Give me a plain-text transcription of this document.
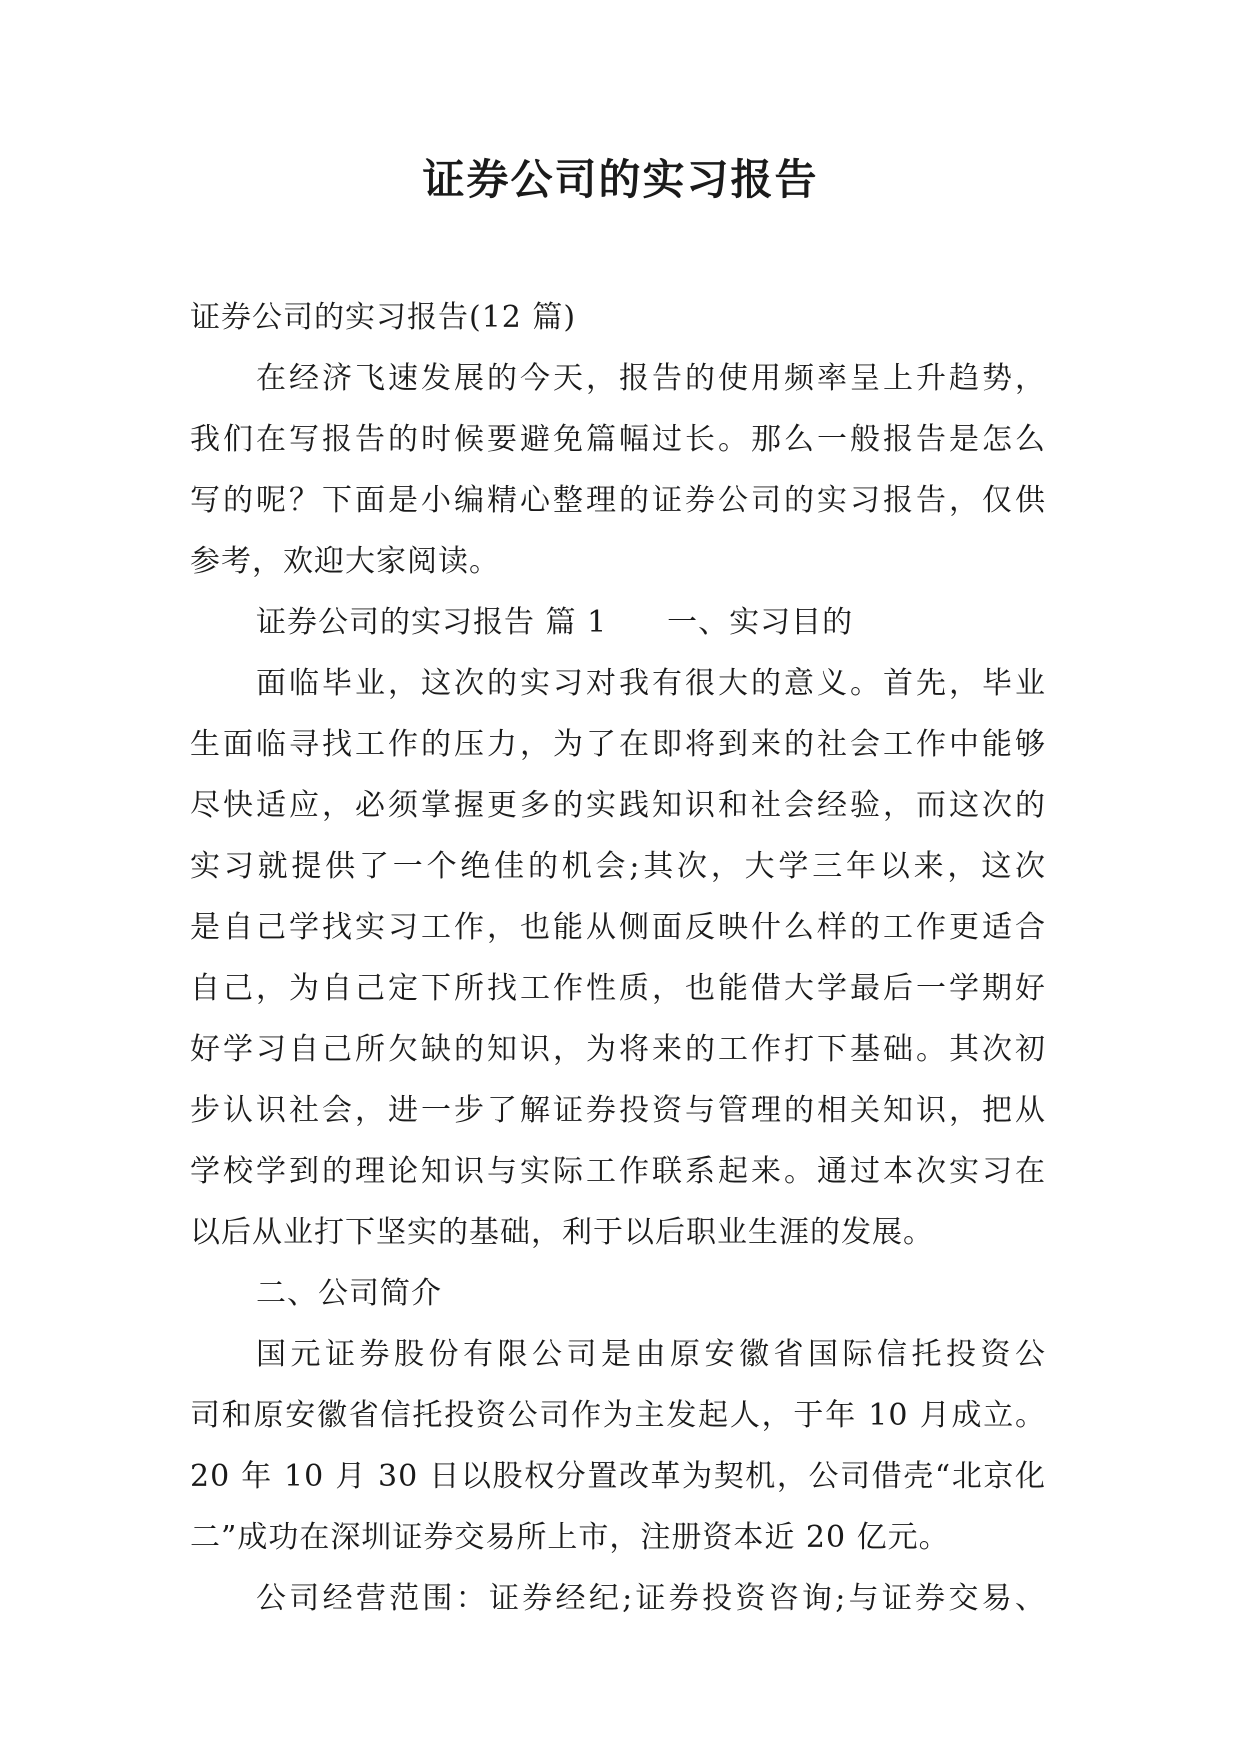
证券公司的实习报告

证券公司的实习报告(12 篇)

在经济飞速发展的今天，报告的使用频率呈上升趋势，

我们在写报告的时候要避免篇幅过长。那么一般报告是怎么

写的呢？下面是小编精心整理的证券公司的实习报告，仅供

参考，欢迎大家阅读。

证券公司的实习报告 篇 1 一、实习目的

面临毕业，这次的实习对我有很大的意义。首先，毕业

生面临寻找工作的压力，为了在即将到来的社会工作中能够

尽快适应，必须掌握更多的实践知识和社会经验，而这次的

实习就提供了一个绝佳的机会;其次，大学三年以来，这次

是自己学找实习工作，也能从侧面反映什么样的工作更适合

自己，为自己定下所找工作性质，也能借大学最后一学期好

好学习自己所欠缺的知识，为将来的工作打下基础。其次初

步认识社会，进一步了解证券投资与管理的相关知识，把从

学校学到的理论知识与实际工作联系起来。通过本次实习在

以后从业打下坚实的基础，利于以后职业生涯的发展。

二、公司简介

国元证券股份有限公司是由原安徽省国际信托投资公

司和原安徽省信托投资公司作为主发起人，于年 10 月成立。

20 年 10 月 30 日以股权分置改革为契机，公司借壳“北京化

二”成功在深圳证券交易所上市，注册资本近 20 亿元。

公司经营范围：证券经纪;证券投资咨询;与证券交易、
